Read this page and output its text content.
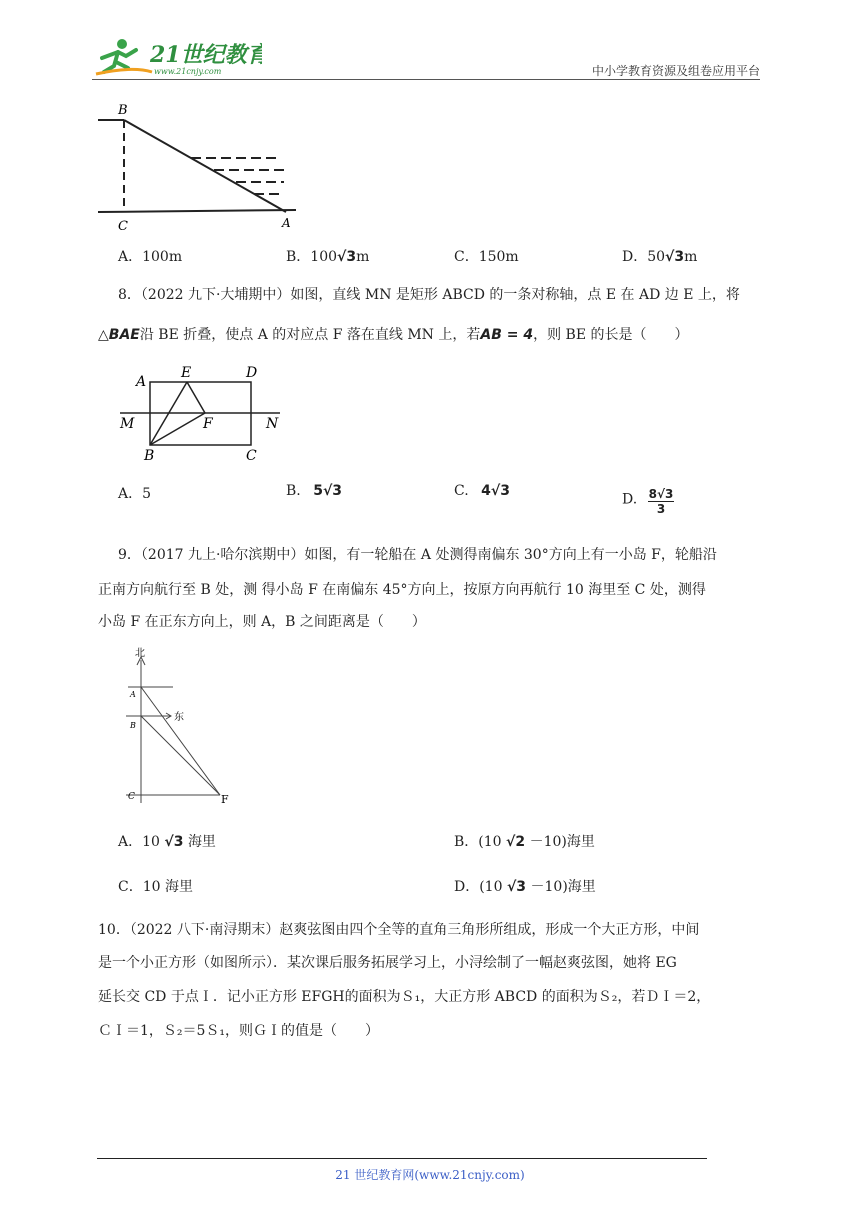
21世纪教育
www.21cnjy.com	中小学教育资源及组卷应用平台
B
C	A
A．100m	B．100√3m	C．150m	D．50√3m
8．（2022 九下·大埔期中）如图，直线 MN 是矩形 ABCD 的一条对称轴，点 E 在 AD 边 E 上，将
△BAE沿 BE 折叠，使点 A 的对应点 F 落在直线 MN 上，若AB = 4，则 BE 的长是（　　）
A
E	D
M	F	N
B	C
A．5	B. 5√3	C. 4√3
D. $\frac{8√3}{3}$
9．（2017 九上·哈尔滨期中）如图，有一轮船在 A 处测得南偏东 30°方向上有一小岛 F，轮船沿
正南方向航行至 B 处，测 得小岛 F 在南偏东 45°方向上，按原方向再航行 10 海里至 C 处，测得
小岛 F 在正东方向上，则 A，B 之间距离是（　　）
北
东
A
B
C	F
A．10 √3 海里	B．(10 √2 －10)海里
C．10 海里	D．(10 √3 －10)海里
10．（2022 八下·南浔期末）赵爽弦图由四个全等的直角三角形所组成，形成一个大正方形，中间
是一个小正方形（如图所示）．某次课后服务拓展学习上，小浔绘制了一幅赵爽弦图，她将 EG
延长交 CD 于点Ｉ．记小正方形 EFGH的面积为Ｓ₁，大正方形 ABCD 的面积为Ｓ₂，若ＤＩ＝2，
ＣＩ＝1，Ｓ₂＝5Ｓ₁，则ＧＩ的值是（　　）
21 世纪教育网(www.21cnjy.com)
